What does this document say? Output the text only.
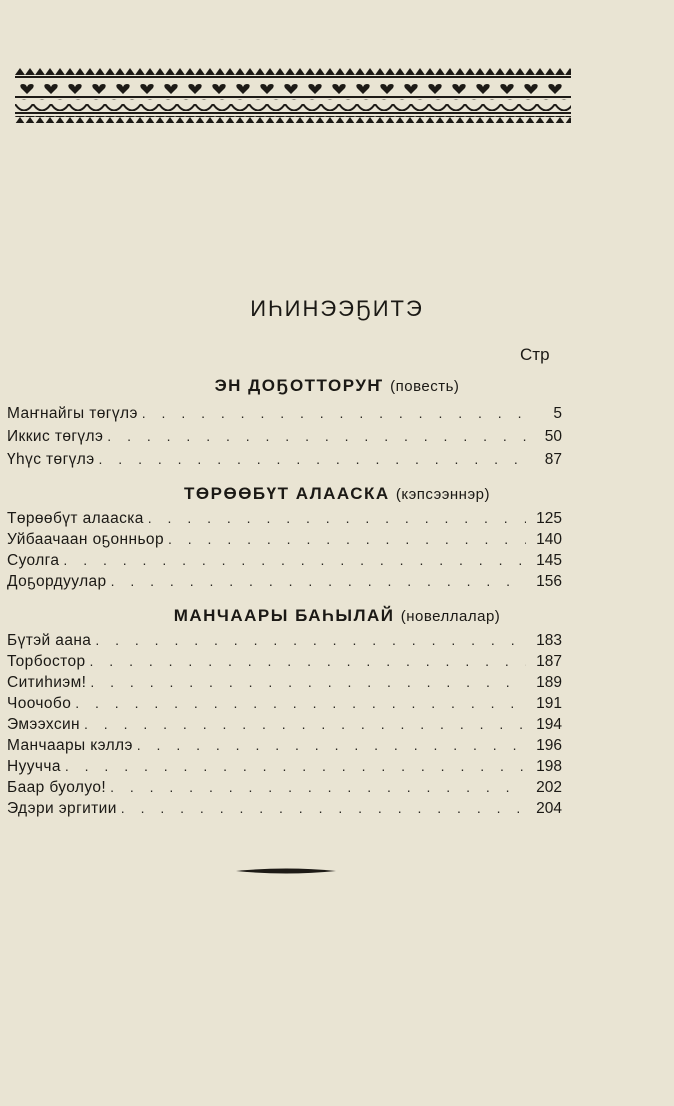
ИҺИНЭЭҔИТЭ
Стр
ЭН ДОҔОТТОРУҤ (повесть)
Маҥнайгы төгүлэ . . .	5
Иккис төгүлэ . . .	50
Үһүс төгүлэ . . .	87
ТӨРӨӨБҮТ АЛААСКА (кэпсээннэр)
Төрөөбүт алааска . . .	125
Уйбаачаан оҕонньор . . .	140
Суолга . . .	145
Доҕордуулар . . .	156
МАНЧААРЫ БАҺЫЛАЙ (новеллалар)
Бүтэй аана . . .	183
Торбостор . . .	187
Ситиһиэм! . . .	189
Чоочобо . . .	191
Эмээхсин . . .	194
Манчаары кэллэ . . .	196
Нуучча . . .	198
Баар буолуо! . . .	202
Эдэри эргитии . . .	204
